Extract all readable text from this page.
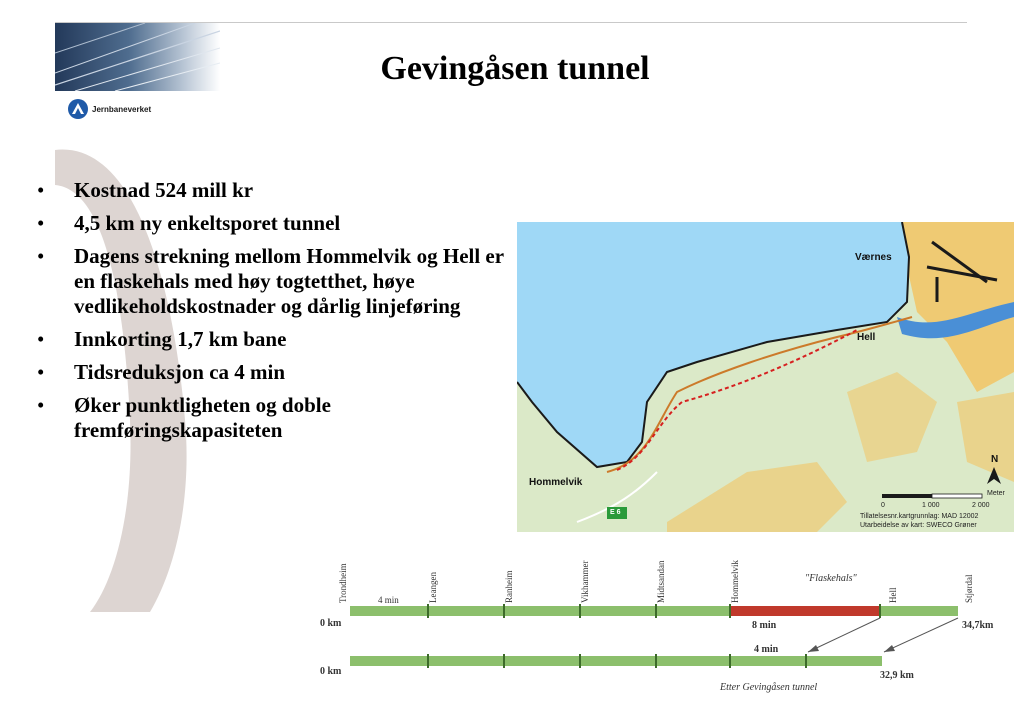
Jernbaneverket
Gevingåsen tunnel
• Kostnad 524 mill kr
• 4,5 km ny enkeltsporet tunnel
• Dagens strekning mellom Hommelvik og Hell er en flaskehals med høy togtetthet, høye vedlikeholdskostnader og dårlig linjeføring
• Innkorting 1,7 km bane
• Tidsreduksjon ca 4 min
• Øker punktligheten og doble fremføringskapasiteten
Værnes
Hell
Hommelvik
E 6
N
Meter
0	1 000	2 000
Tillatelsesnr.kartgrunnlag: MAD 12002
Utarbeidelse av kart: SWECO Grøner
Trondheim	Leangen	Ranheim	Vikhammer	Midtsandan	Hommelvik	Hell	Stjørdal
"Flaskehals"
4 min
8 min
0 km	34,7km
4 min
0 km	32,9 km
Etter Gevingåsen tunnel
